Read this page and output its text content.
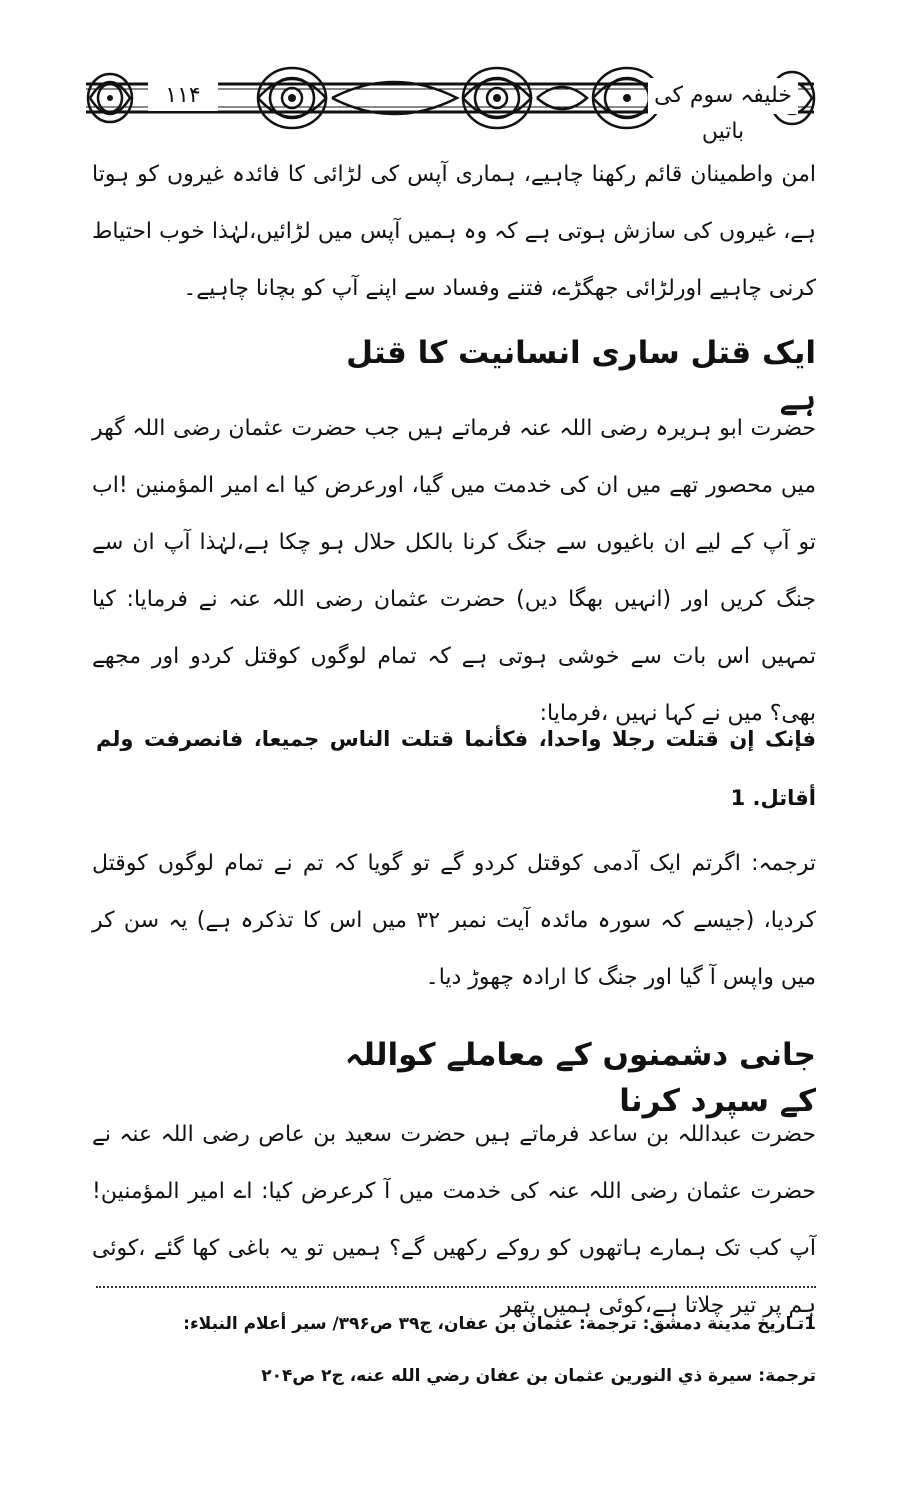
۱۱۴	خلیفہ سوم کی باتیں

امن واطمینان قائم رکھنا چاہیے، ہماری آپس کی لڑائی کا فائدہ غیروں کو ہوتا ہے، غیروں کی سازش ہوتی ہے کہ وہ ہمیں آپس میں لڑائیں،لہٰذا خوب احتیاط کرنی چاہیے اورلڑائی جھگڑے، فتنے وفساد سے اپنے آپ کو بچانا چاہیے۔

ایک قتل ساری انسانیت کا قتل ہے

حضرت ابو ہریرہ رضی اللہ عنہ فرماتے ہیں جب حضرت عثمان رضی اللہ گھر میں محصور تھے میں ان کی خدمت میں گیا، اورعرض کیا اے امیر المؤمنین !اب تو آپ کے لیے ان باغیوں سے جنگ کرنا بالکل حلال ہو چکا ہے،لہٰذا آپ ان سے جنگ کریں اور (انہیں بھگا دیں) حضرت عثمان رضی اللہ عنہ نے فرمایا: کیا تمہیں اس بات سے خوشی ہوتی ہے کہ تمام لوگوں کوقتل کردو اور مجھے بھی؟ میں نے کہا نہیں ،فرمایا:

فإنک إن قتلت رجلا واحدا، فکأنما قتلت الناس جمیعا، فانصرفت ولم أقاتل. 1

ترجمہ: اگرتم ایک آدمی کوقتل کردو گے تو گویا کہ تم نے تمام لوگوں کوقتل کردیا، (جیسے کہ سورہ مائدہ آیت نمبر ۳۲ میں اس کا تذکرہ ہے) یہ سن کر میں واپس آ گیا اور جنگ کا ارادہ چھوڑ دیا۔

جانی دشمنوں کے معاملے کواللہ کے سپرد کرنا

حضرت عبداللہ بن ساعد فرماتے ہیں حضرت سعید بن عاص رضی اللہ عنہ نے حضرت عثمان رضی اللہ عنہ کی خدمت میں آ کرعرض کیا: اے امیر المؤمنین! آپ کب تک ہمارے ہاتھوں کو روکے رکھیں گے؟ ہمیں تو یہ باغی کھا گئے ،کوئی ہم پر تیر چلاتا ہے،کوئی ہمیں پتھر

1تـاريخ مدينة دمشق: ترجمة: عثمان بن عفان، ج۳۹ ص۳۹۶/ سير أعلام النبلاء:

ترجمة: سيرة ذي النورين عثمان بن عفان رضي الله عنه، ج۲ ص۲۰۴
